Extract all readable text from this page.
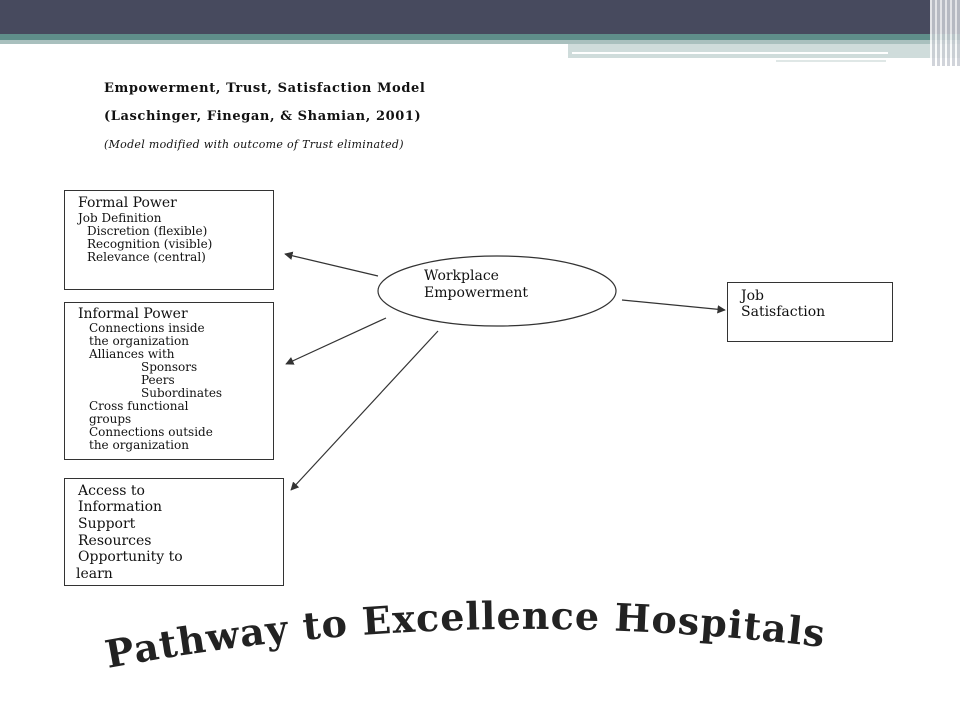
Empowerment, Trust, Satisfaction Model
(Laschinger, Finegan, & Shamian, 2001)
(Model modified with outcome of Trust eliminated)
Formal Power
Job Definition
Discretion (flexible)
Recognition (visible)
Relevance (central)
Informal Power
Connections inside
the organization
Alliances with
Sponsors
Peers
Subordinates
Cross functional
groups
Connections outside
the organization
Access to
Information
Support
Resources
Opportunity to
learn
Job
Satisfaction
Workplace
Empowerment
Pathway to Excellence Hospitals
